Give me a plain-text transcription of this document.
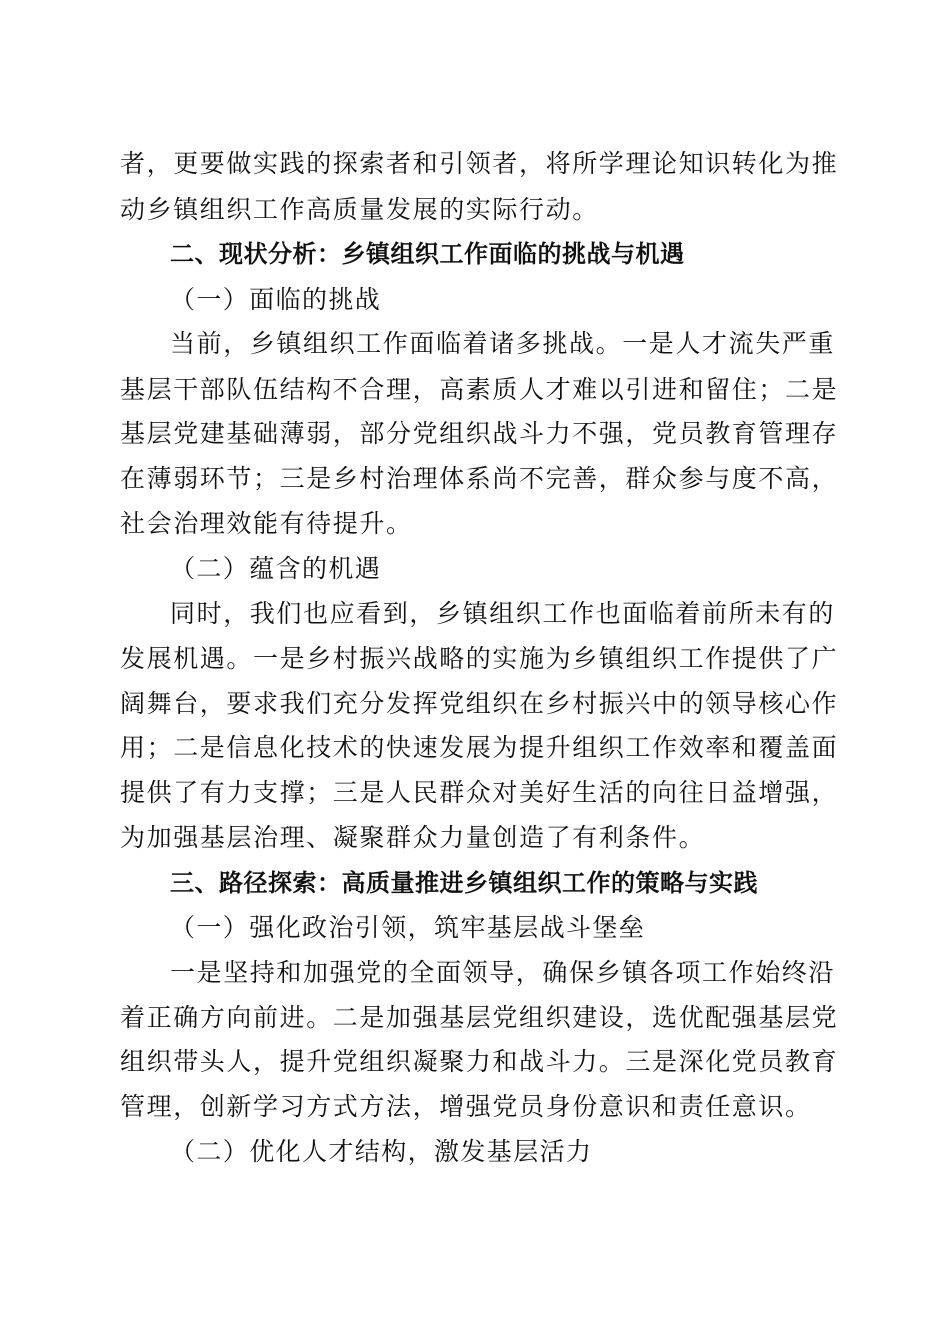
者，更要做实践的探索者和引领者，将所学理论知识转化为推
动乡镇组织工作高质量发展的实际行动。
二、现状分析：乡镇组织工作面临的挑战与机遇
（一）面临的挑战
当前，乡镇组织工作面临着诸多挑战。一是人才流失严重
基层干部队伍结构不合理，高素质人才难以引进和留住；二是
基层党建基础薄弱，部分党组织战斗力不强，党员教育管理存
在薄弱环节；三是乡村治理体系尚不完善，群众参与度不高，
社会治理效能有待提升。
（二）蕴含的机遇
同时，我们也应看到，乡镇组织工作也面临着前所未有的
发展机遇。一是乡村振兴战略的实施为乡镇组织工作提供了广
阔舞台，要求我们充分发挥党组织在乡村振兴中的领导核心作
用；二是信息化技术的快速发展为提升组织工作效率和覆盖面
提供了有力支撑；三是人民群众对美好生活的向往日益增强，
为加强基层治理、凝聚群众力量创造了有利条件。
三、路径探索：高质量推进乡镇组织工作的策略与实践
（一）强化政治引领，筑牢基层战斗堡垒
一是坚持和加强党的全面领导，确保乡镇各项工作始终沿
着正确方向前进。二是加强基层党组织建设，选优配强基层党
组织带头人，提升党组织凝聚力和战斗力。三是深化党员教育
管理，创新学习方式方法，增强党员身份意识和责任意识。
（二）优化人才结构，激发基层活力
